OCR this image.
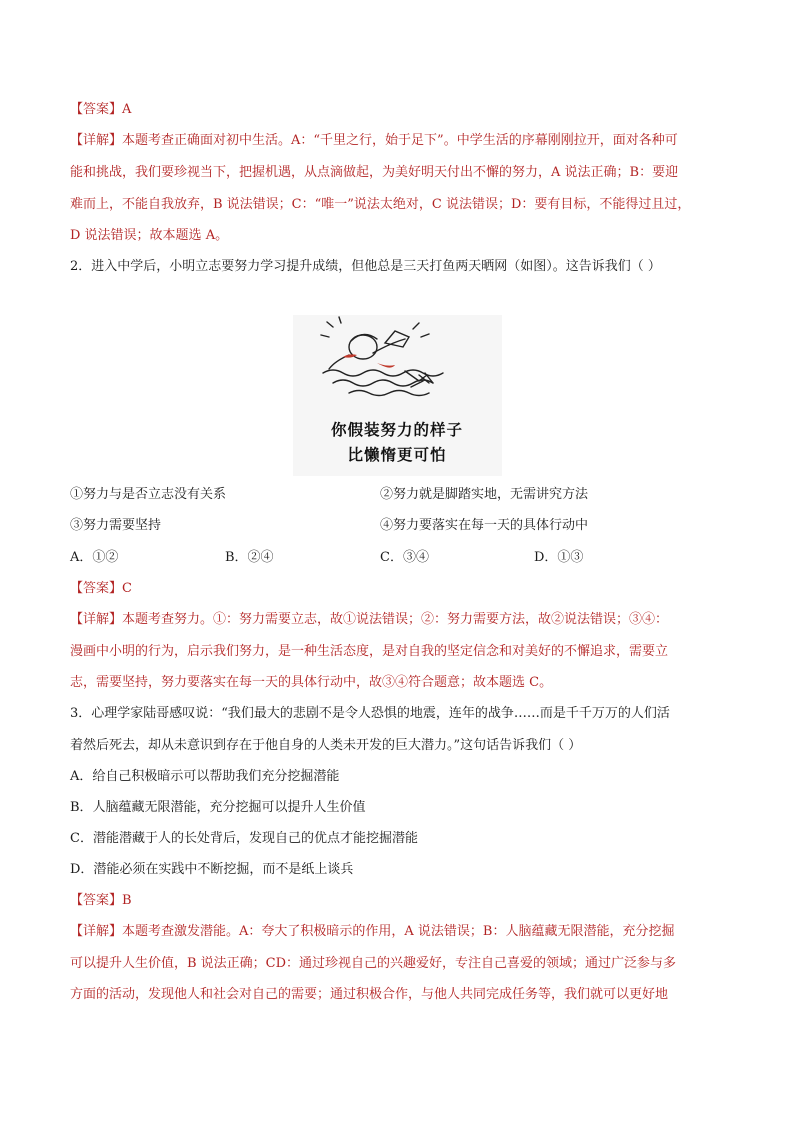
【答案】A
【详解】本题考查正确面对初中生活。A：“千里之行，始于足下”。中学生活的序幕刚刚拉开，面对各种可
能和挑战，我们要珍视当下，把握机遇，从点滴做起，为美好明天付出不懈的努力，A 说法正确；B：要迎
难而上，不能自我放弃，B 说法错误；C：“唯一”说法太绝对，C 说法错误；D：要有目标，不能得过且过，
D 说法错误；故本题选 A。
2．进入中学后，小明立志要努力学习提升成绩，但他总是三天打鱼两天晒网（如图）。这告诉我们（ ）
你假装努力的样子
比懒惰更可怕
①努力与是否立志没有关系	②努力就是脚踏实地，无需讲究方法
③努力需要坚持	④努力要落实在每一天的具体行动中
A．①②	B．②④	C．③④	D．①③
【答案】C
【详解】本题考查努力。①：努力需要立志，故①说法错误；②：努力需要方法，故②说法错误；③④：
漫画中小明的行为，启示我们努力，是一种生活态度，是对自我的坚定信念和对美好的不懈追求，需要立
志，需要坚持，努力要落实在每一天的具体行动中，故③④符合题意；故本题选 C。
3．心理学家陆哥感叹说：“我们最大的悲剧不是令人恐惧的地震，连年的战争……而是千千万万的人们活
着然后死去，却从未意识到存在于他自身的人类未开发的巨大潜力。”这句话告诉我们（ ）
A．给自己积极暗示可以帮助我们充分挖掘潜能
B．人脑蕴藏无限潜能，充分挖掘可以提升人生价值
C．潜能潜藏于人的长处背后，发现自己的优点才能挖掘潜能
D．潜能必须在实践中不断挖掘，而不是纸上谈兵
【答案】B
【详解】本题考查激发潜能。A：夸大了积极暗示的作用，A 说法错误；B：人脑蕴藏无限潜能，充分挖掘
可以提升人生价值，B 说法正确；CD：通过珍视自己的兴趣爱好，专注自己喜爱的领域；通过广泛参与多
方面的活动，发现他人和社会对自己的需要；通过积极合作，与他人共同完成任务等，我们就可以更好地
